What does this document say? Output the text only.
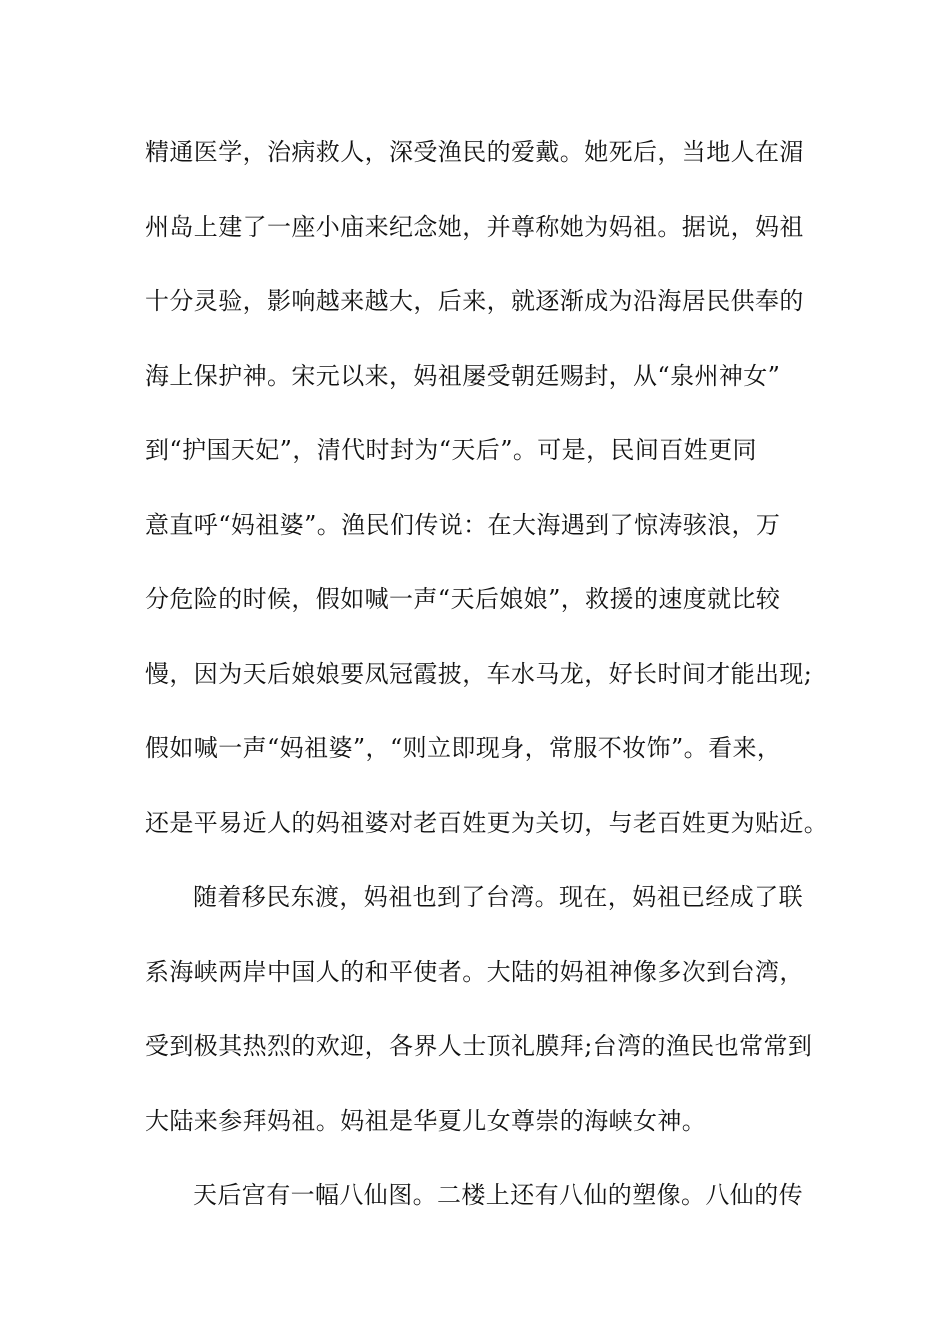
精通医学，治病救人，深受渔民的爱戴。她死后，当地人在湄
州岛上建了一座小庙来纪念她，并尊称她为妈祖。据说，妈祖
十分灵验，影响越来越大，后来，就逐渐成为沿海居民供奉的
海上保护神。宋元以来，妈祖屡受朝廷赐封，从“泉州神女”
到“护国天妃”，清代时封为“天后”。可是，民间百姓更同
意直呼“妈祖婆”。渔民们传说：在大海遇到了惊涛骇浪，万
分危险的时候，假如喊一声“天后娘娘”，救援的速度就比较
慢，因为天后娘娘要凤冠霞披，车水马龙，好长时间才能出现;
假如喊一声“妈祖婆”，“则立即现身，常服不妆饰”。看来，
还是平易近人的妈祖婆对老百姓更为关切，与老百姓更为贴近。
随着移民东渡，妈祖也到了台湾。现在，妈祖已经成了联
系海峡两岸中国人的和平使者。大陆的妈祖神像多次到台湾，
受到极其热烈的欢迎，各界人士顶礼膜拜;台湾的渔民也常常到
大陆来参拜妈祖。妈祖是华夏儿女尊崇的海峡女神。
天后宫有一幅八仙图。二楼上还有八仙的塑像。八仙的传
